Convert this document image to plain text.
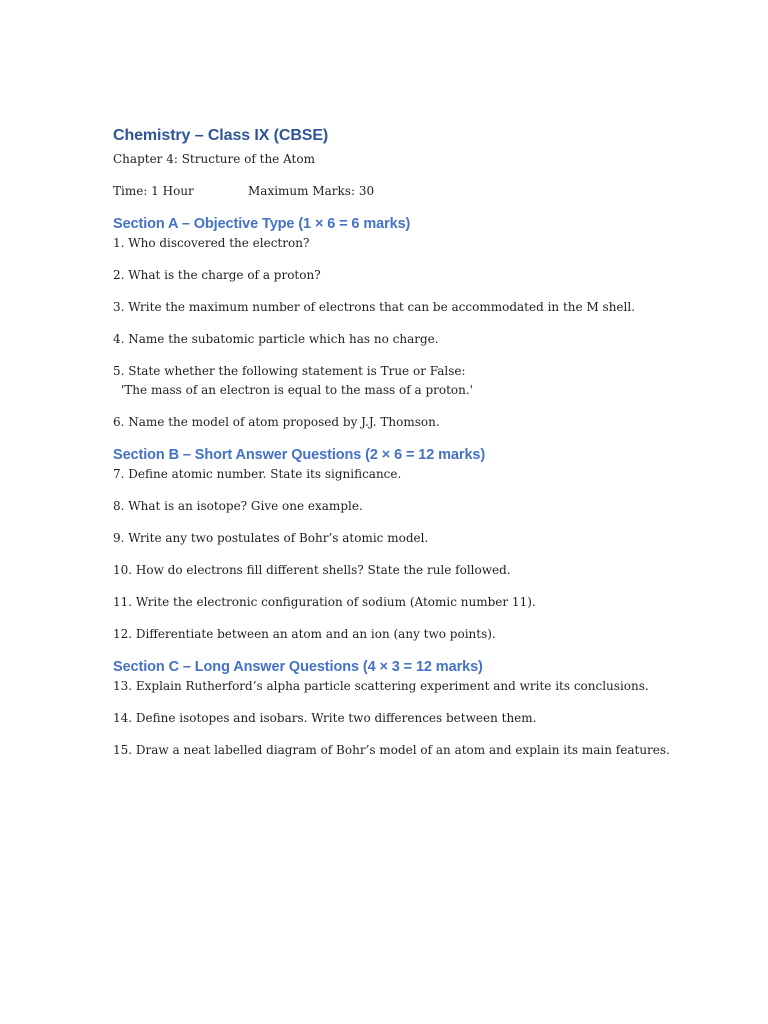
Chemistry – Class IX (CBSE)
Chapter 4: Structure of the Atom
Time: 1 Hour	Maximum Marks: 30
Section A – Objective Type (1 × 6 = 6 marks)

1. Who discovered the electron?

2. What is the charge of a proton?

3. Write the maximum number of electrons that can be accommodated in the M shell.

4. Name the subatomic particle which has no charge.

5. State whether the following statement is True or False:

'The mass of an electron is equal to the mass of a proton.'

6. Name the model of atom proposed by J.J. Thomson.

Section B – Short Answer Questions (2 × 6 = 12 marks)

7. Define atomic number. State its significance.

8. What is an isotope? Give one example.

9. Write any two postulates of Bohr’s atomic model.

10. How do electrons fill different shells? State the rule followed.

11. Write the electronic configuration of sodium (Atomic number 11).

12. Differentiate between an atom and an ion (any two points).

Section C – Long Answer Questions (4 × 3 = 12 marks)

13. Explain Rutherford’s alpha particle scattering experiment and write its conclusions.

14. Define isotopes and isobars. Write two differences between them.

15. Draw a neat labelled diagram of Bohr’s model of an atom and explain its main features.
